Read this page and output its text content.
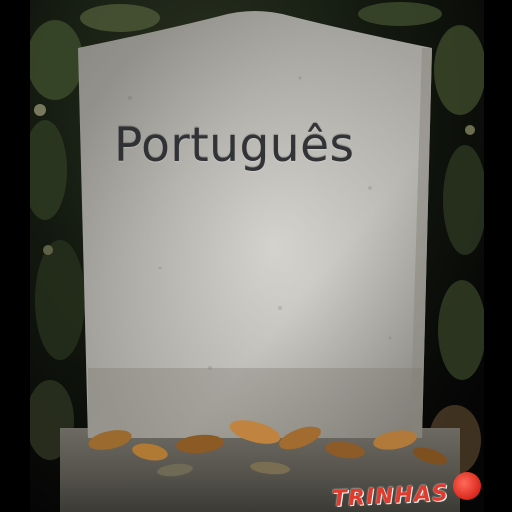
Português
TRINHAS
